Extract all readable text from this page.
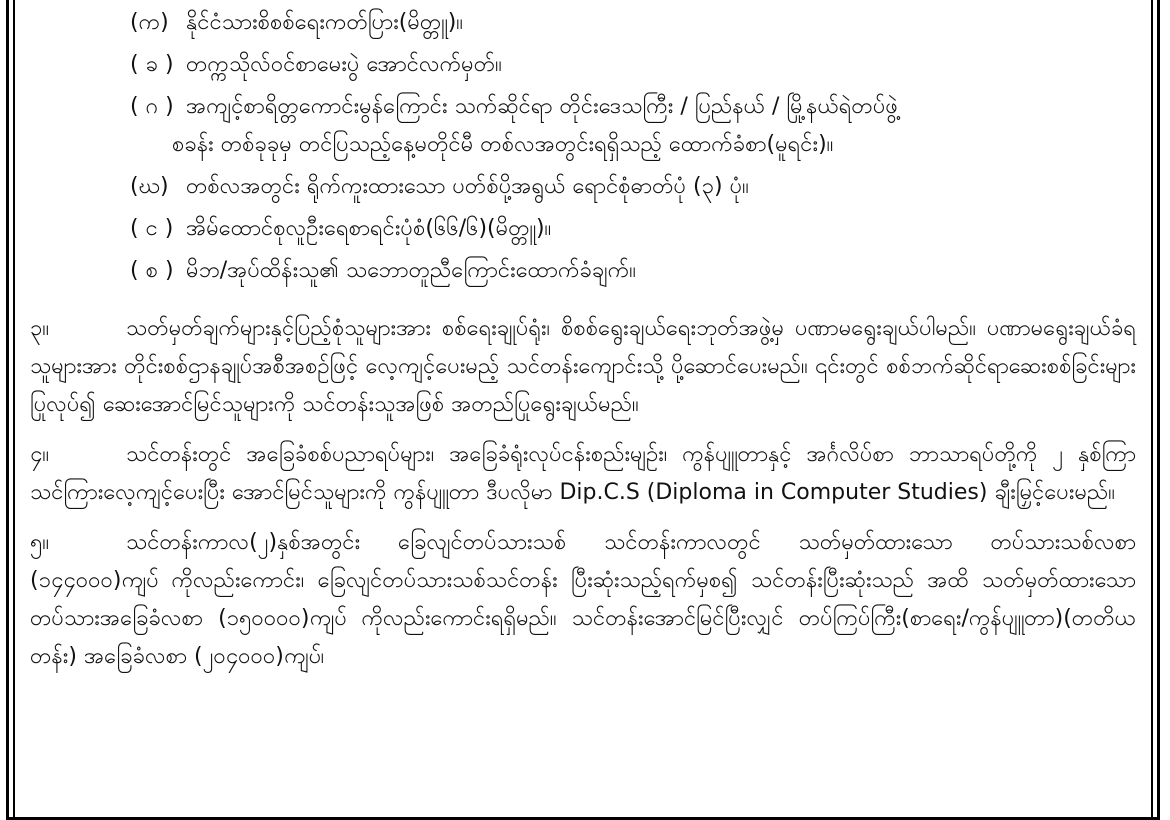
(က) နိုင်ငံသားစိစစ်ရေးကတ်ပြား(မိတ္တူ)။
( ခ ) တက္ကသိုလ်ဝင်စာမေးပွဲ အောင်လက်မှတ်။
( ဂ ) အကျင့်စာရိတ္တကောင်းမွန်ကြောင်း သက်ဆိုင်ရာ တိုင်းဒေသကြီး / ပြည်နယ် / မြို့နယ်ရဲတပ်ဖွဲ့
စခန်း တစ်ခုခုမှ တင်ပြသည့်နေ့မတိုင်မီ တစ်လအတွင်းရရှိသည့် ထောက်ခံစာ(မူရင်း)။
(ဃ) တစ်လအတွင်း ရိုက်ကူးထားသော ပတ်စ်ပို့အရွယ် ရောင်စုံဓာတ်ပုံ (၃) ပုံ။
( င ) အိမ်ထောင်စုလူဦးရေစာရင်းပုံစံ(၆၆/၆)(မိတ္တူ)။
( စ ) မိဘ/အုပ်ထိန်းသူ၏ သဘောတူညီကြောင်းထောက်ခံချက်။
၃။	သတ်မှတ်ချက်များနှင့်ပြည့်စုံသူများအား စစ်ရေးချုပ်ရုံး၊ စိစစ်ရွေးချယ်ရေးဘုတ်အဖွဲ့မှ ပဏာမရွေးချယ်ပါမည်။ ပဏာမရွေးချယ်ခံရသူများအား တိုင်းစစ်ဌာနချုပ်အစီအစဉ်ဖြင့် လေ့ကျင့်ပေးမည့် သင်တန်းကျောင်းသို့ ပို့ဆောင်ပေးမည်။ ၎င်းတွင် စစ်ဘက်ဆိုင်ရာဆေးစစ်ခြင်းများပြုလုပ်၍ ဆေးအောင်မြင်သူများကို သင်တန်းသူအဖြစ် အတည်ပြုရွေးချယ်မည်။
၄။	သင်တန်းတွင် အခြေခံစစ်ပညာရပ်များ၊ အခြေခံရုံးလုပ်ငန်းစည်းမျဉ်း၊ ကွန်ပျူတာနှင့် အင်္ဂလိပ်စာ ဘာသာရပ်တို့ကို ၂ နှစ်ကြာ သင်ကြားလေ့ကျင့်ပေးပြီး အောင်မြင်သူများကို ကွန်ပျူတာ ဒီပလိုမာ Dip.C.S (Diploma in Computer Studies) ချီးမြှင့်ပေးမည်။
၅။	သင်တန်းကာလ(၂)နှစ်အတွင်း ခြေလျင်တပ်သားသစ် သင်တန်းကာလတွင် သတ်မှတ်ထားသော တပ်သားသစ်လစာ (၁၄၄၀၀၀)ကျပ် ကိုလည်းကောင်း၊ ခြေလျင်တပ်သားသစ်သင်တန်း ပြီးဆုံးသည့်ရက်မှစ၍ သင်တန်းပြီးဆုံးသည် အထိ သတ်မှတ်ထားသော တပ်သားအခြေခံလစာ (၁၅၀၀၀၀)ကျပ် ကိုလည်းကောင်းရရှိမည်။ သင်တန်းအောင်မြင်ပြီးလျှင် တပ်ကြပ်ကြီး(စာရေး/ကွန်ပျူတာ)(တတိယတန်း) အခြေခံလစာ (၂၀၄၀၀၀)ကျပ်၊
